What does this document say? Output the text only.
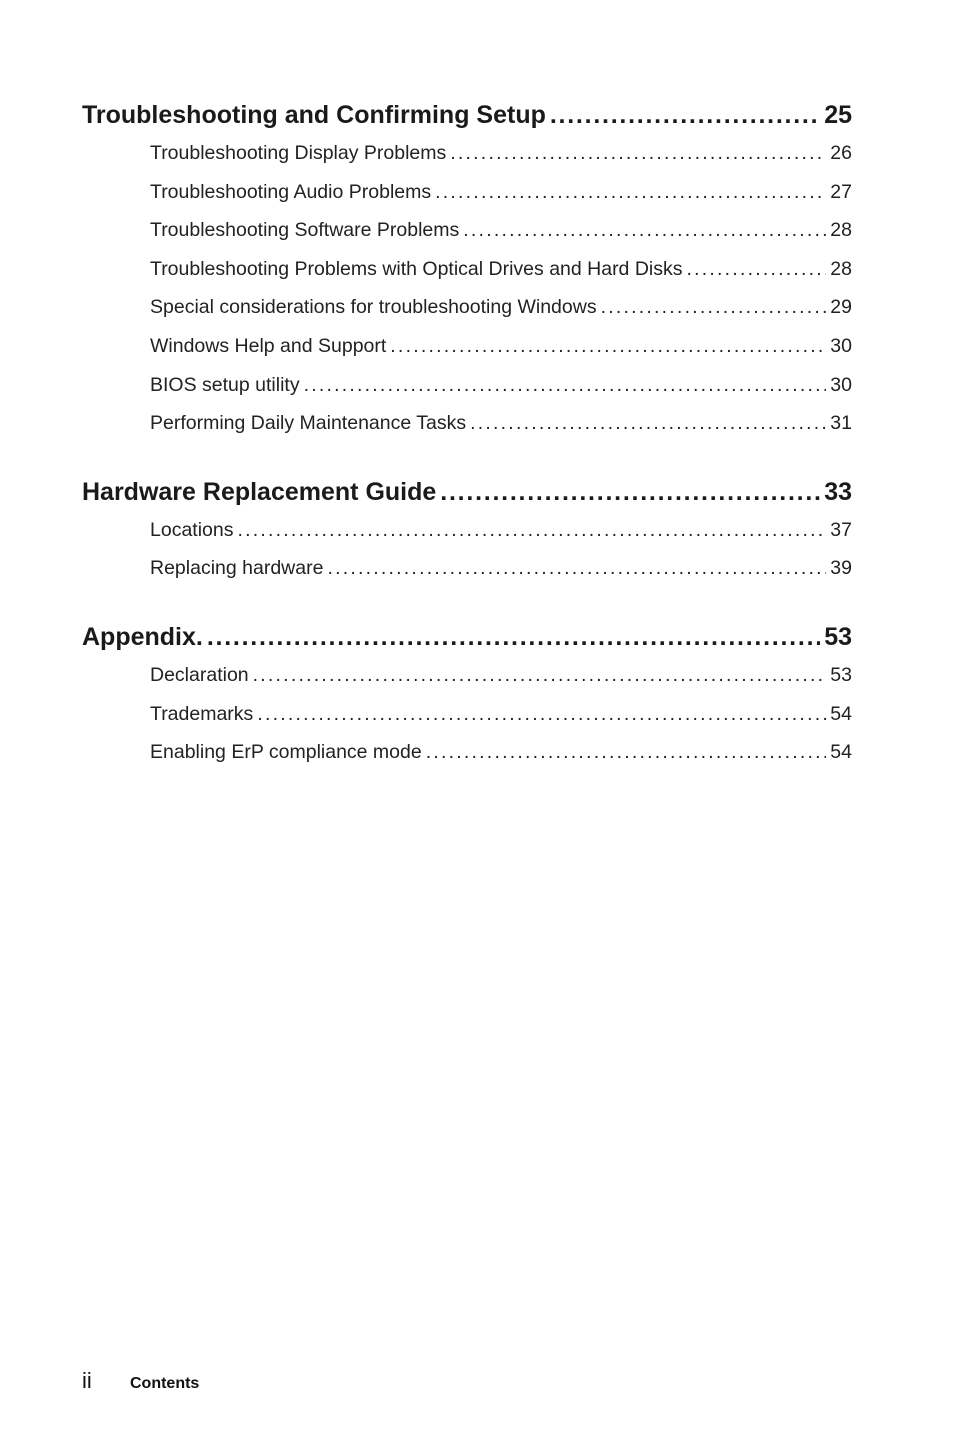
Troubleshooting and Confirming Setup . . .	25
Troubleshooting Display Problems . . .	26
Troubleshooting Audio Problems . . .	27
Troubleshooting Software Problems . . .	28
Troubleshooting Problems with Optical Drives and Hard Disks . . .	28
Special considerations for troubleshooting Windows . . .	29
Windows Help and Support . . .	30
BIOS setup utility . . .	30
Performing Daily Maintenance Tasks . . .	31
Hardware Replacement Guide . . .	33
Locations . . .	37
Replacing hardware . . .	39
Appendix. . . .	53
Declaration . . .	53
Trademarks . . .	54
Enabling ErP compliance mode . . .	54
ii	Contents
